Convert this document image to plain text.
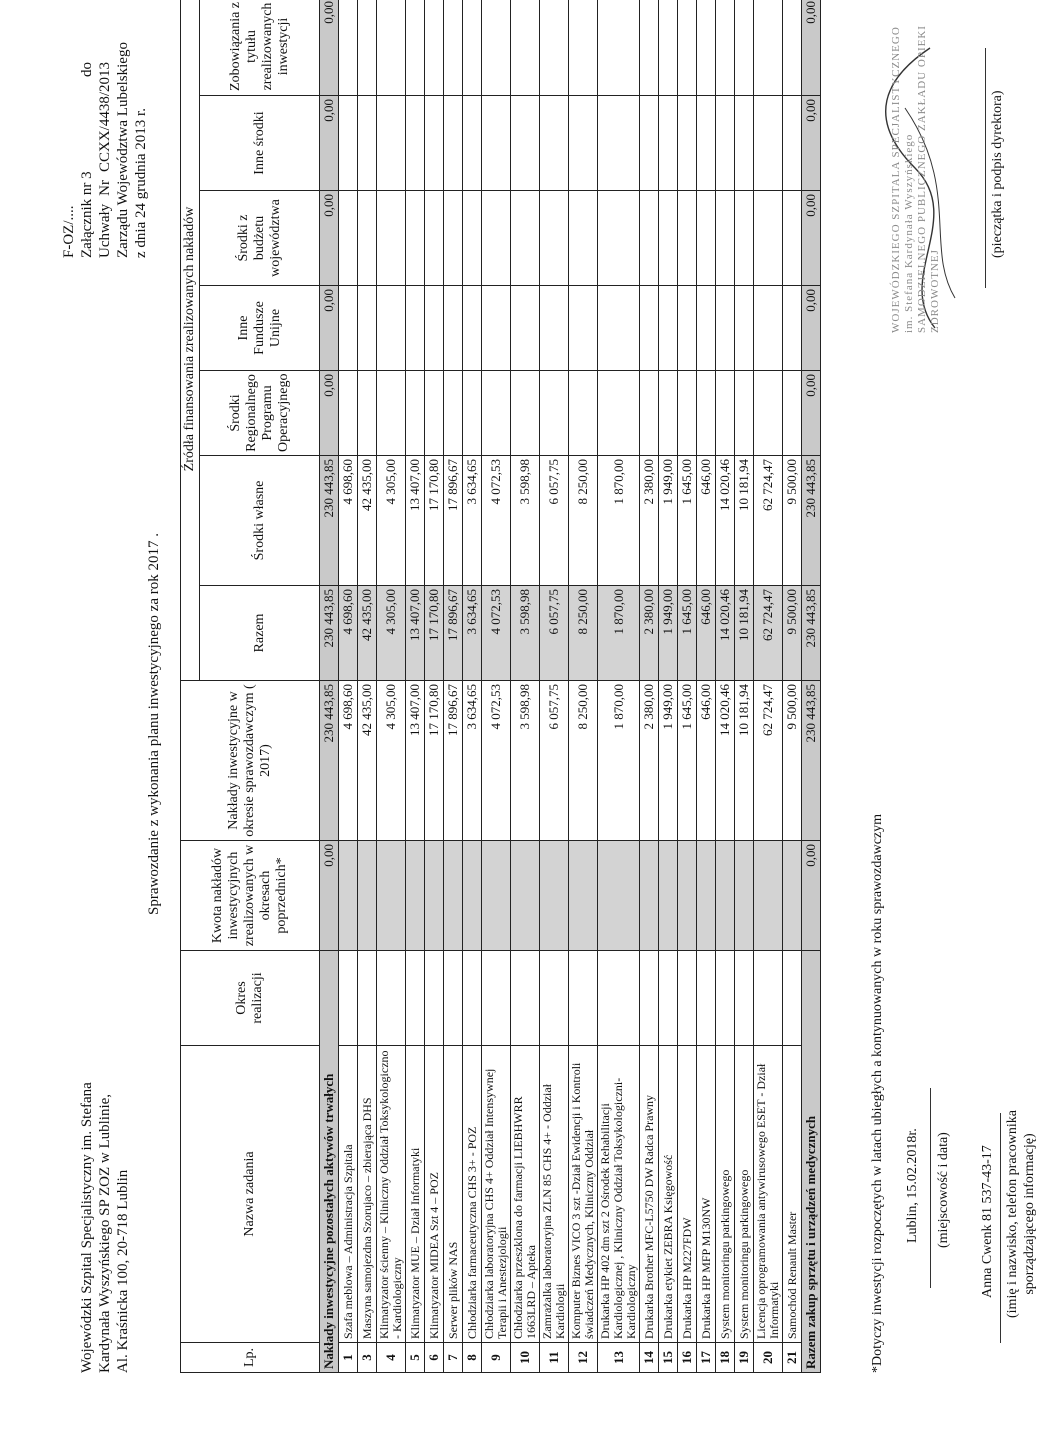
Wojewódzki Szpital Specjalistyczny im. Stefana Kardynała Wyszyńskiego SP ZOZ w Lublinie, Al. Kraśnicka 100, 20-718 Lublin
F-OZ/.... Załącznik nr 3
do
Uchwały
Nr
CCXX/4438/2013 Zarządu Województwa Lubelskiego z dnia 24 grudnia 2013 r.
Sprawozdanie z wykonania planu inwestycyjnego za rok 2017 .
Lp.	Nazwa zadania	Okres realizacji	Kwota nakładów inwestycyjnych zrealizowanych w okresach poprzednich*	Nakłady inwestycyjne w okresie sprawozdawczym ( 2017)	Źródła finansowania zrealizowanych nakładów						
					Razem	Środki własne	Środki Regionalnego Programu Operacyjnego	Inne Fundusze Unijne	Środki z budżetu województwa	Inne środki	Zobowiązania z tytułu zrealizowanych inwestycji
Nakłady inwestycyjne pozostałych aktywów trwałych			0,00	230 443,85	230 443,85	230 443,85	0,00	0,00	0,00	0,00	0,00
1	Szafa meblowa – Administracja Szpitala			4 698,60	4 698,60	4 698,60					
3	Maszyna samojezdna Szorujaco – zbierająca DHS			42 435,00	42 435,00	42 435,00					
4	Klimatyzator ścienny – Kliniczny Oddział Toksykologiczno - Kardiologiczny			4 305,00	4 305,00	4 305,00					
5	Klimatyzator MUE – Dział Informatyki			13 407,00	13 407,00	13 407,00					
6	Klimatyzator MIDEA Szt 4 – POZ			17 170,80	17 170,80	17 170,80					
7	Serwer plików NAS			17 896,67	17 896,67	17 896,67					
8	Chłodziarka farmaceutyczna CHS 3+ - POZ			3 634,65	3 634,65	3 634,65					
9	Chłodziarka laboratoryjna CHS 4+ Oddział Intensywnej Terapii i Anestezjologii			4 072,53	4 072,53	4 072,53					
10	Chłodziarka przeszklona do farmacji LIEBHWRR 1663LRD – Apteka			3 598,98	3 598,98	3 598,98					
11	Zamrażalka laboratoryjna ZLN 85 CHS 4+ - Oddział Kardiologii			6 057,75	6 057,75	6 057,75					
12	Komputer Biznes VICO 3 szt -Dział Ewidencji i Kontroli świadczeń Medycznych, Kliniczny Oddział			8 250,00	8 250,00	8 250,00					
13	Drukarka HP 402 dm szt 2 Ośrodek Rehabilitacji Kardiologicznej , Kliniczny Oddział Toksykologiczni-Kardiologiczny			1 870,00	1 870,00	1 870,00					
14	Drukarka Brother MFC-L5750 DW Radca Prawny			2 380,00	2 380,00	2 380,00					
15	Drukarka etykiet ZEBRA Księgowość			1 949,00	1 949,00	1 949,00					
16	Drukarka HP M227FDW			1 645,00	1 645,00	1 645,00					
17	Drukarka HP MFP M130NW			646,00	646,00	646,00					
18	System monitoringu parkingowego			14 020,46	14 020,46	14 020,46					
19	System monitoringu parkingowego			10 181,94	10 181,94	10 181,94					
20	Licencja oprogramowania antywirusowego ESET - Dział Informatyki			62 724,47	62 724,47	62 724,47					
21	Samochód Renault Master			9 500,00	9 500,00	9 500,00					
Razem zakup sprzętu i urządzeń medycznych			0,00	230 443,85	230 443,85	230 443,85	0,00	0,00	0,00	0,00	0,00
*Dotyczy inwestycji rozpoczętych w latach ubiegłych a kontynuowanych w roku sprawozdawczym Lublin, 15.02.2018r. (miejscowość i data) Anna Cwenk 81 537-43-17 (imię i nazwisko, telefon pracownika sporządzającego informację)
WOJEWÓDZKIEGO SZPITALA SPECJALISTYCZNEGO im. Stefana Kardynała Wyszyńskiego SAMODZIELNEGO PUBLICZNEGO ZAKŁADU OPIEKI ZDROWOTNEJ
(pieczątka i podpis dyrektora)
